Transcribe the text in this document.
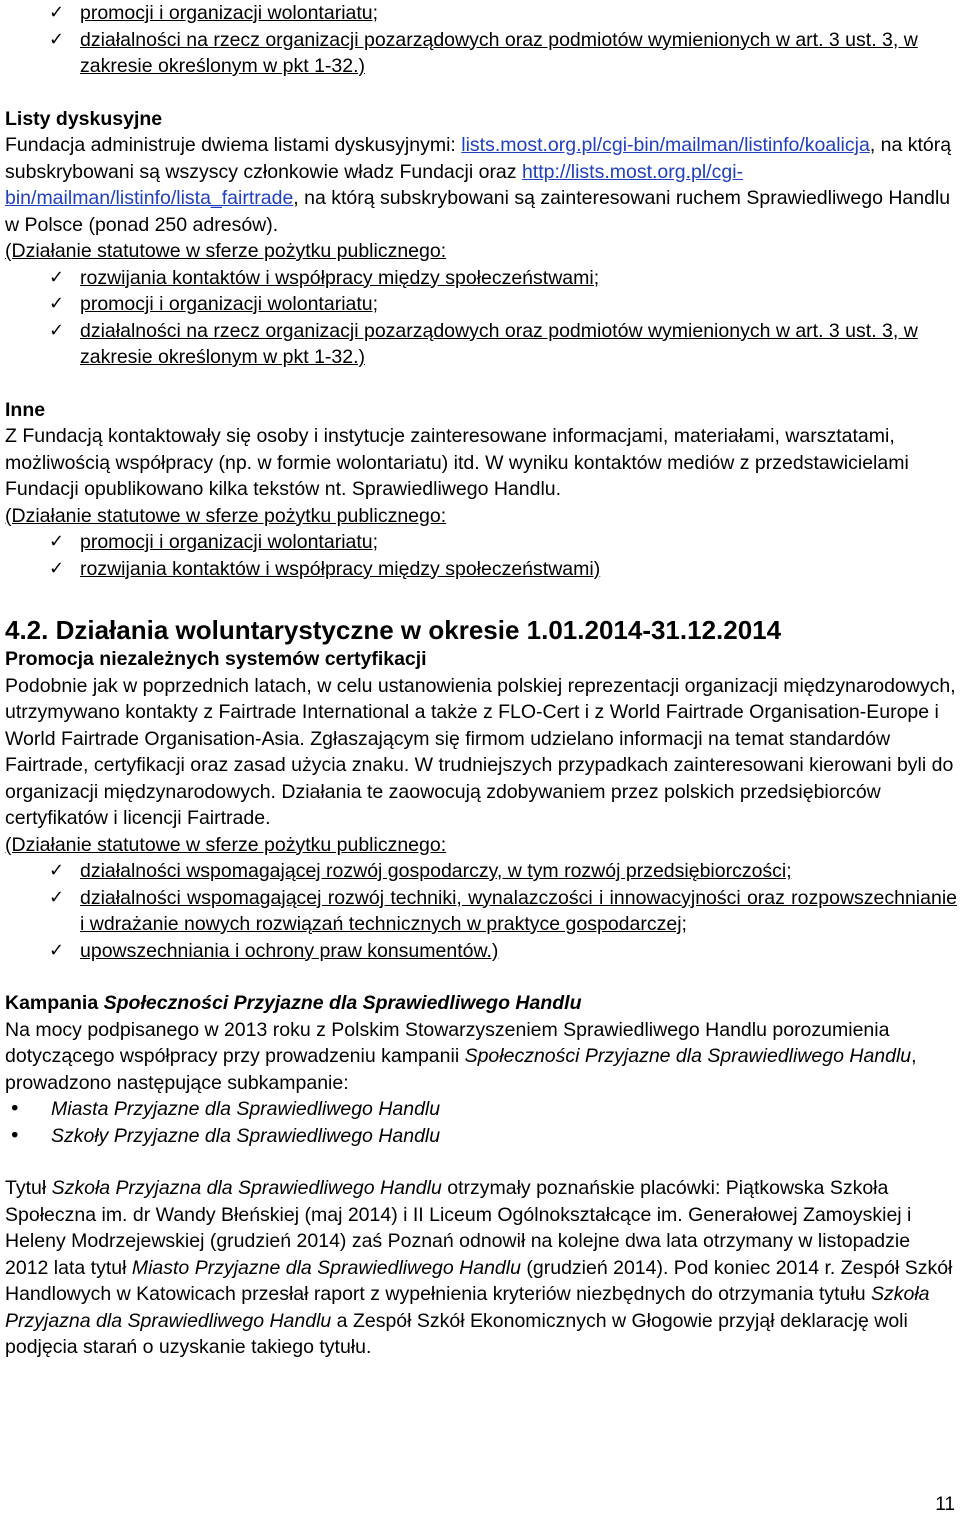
✓ promocji i organizacji wolontariatu;
✓ działalności na rzecz organizacji pozarządowych oraz podmiotów wymienionych w art. 3 ust. 3, w zakresie określonym w pkt 1-32.)
Listy dyskusyjne

Fundacja administruje dwiema listami dyskusyjnymi: lists.most.org.pl/cgi-bin/mailman/listinfo/koalicja, na którą subskrybowani są wszyscy członkowie władz Fundacji oraz http://lists.most.org.pl/cgi-bin/mailman/listinfo/lista_fairtrade, na którą subskrybowani są zainteresowani ruchem Sprawiedliwego Handlu w Polsce (ponad 250 adresów).

(Działanie statutowe w sferze pożytku publicznego:

✓ rozwijania kontaktów i współpracy między społeczeństwami;
✓ promocji i organizacji wolontariatu;
✓ działalności na rzecz organizacji pozarządowych oraz podmiotów wymienionych w art. 3 ust. 3, w zakresie określonym w pkt 1-32.)
Inne

Z Fundacją kontaktowały się osoby i instytucje zainteresowane informacjami, materiałami, warsztatami, możliwością współpracy (np. w formie wolontariatu) itd. W wyniku kontaktów mediów z przedstawicielami Fundacji opublikowano kilka tekstów nt. Sprawiedliwego Handlu.

(Działanie statutowe w sferze pożytku publicznego:

✓ promocji i organizacji wolontariatu;
✓ rozwijania kontaktów i współpracy między społeczeństwami)
4.2. Działania woluntarystyczne w okresie 1.01.2014-31.12.2014
Promocja niezależnych systemów certyfikacji

Podobnie jak w poprzednich latach, w celu ustanowienia polskiej reprezentacji organizacji międzynarodowych, utrzymywano kontakty z Fairtrade International a także z FLO-Cert i z World Fairtrade Organisation-Europe i World Fairtrade Organisation-Asia. Zgłaszającym się firmom udzielano informacji na temat standardów Fairtrade, certyfikacji oraz zasad użycia znaku. W trudniejszych przypadkach zainteresowani kierowani byli do organizacji międzynarodowych. Działania te zaowocują zdobywaniem przez polskich przedsiębiorców certyfikatów i licencji Fairtrade.

(Działanie statutowe w sferze pożytku publicznego:

✓ działalności wspomagającej rozwój gospodarczy, w tym rozwój przedsiębiorczości;
✓ działalności wspomagającej rozwój techniki, wynalazczości i innowacyjności oraz rozpowszechnianie i wdrażanie nowych rozwiązań technicznych w praktyce gospodarczej;
✓ upowszechniania i ochrony praw konsumentów.)
Kampania Społeczności Przyjazne dla Sprawiedliwego Handlu

Na mocy podpisanego w 2013 roku z Polskim Stowarzyszeniem Sprawiedliwego Handlu porozumienia dotyczącego współpracy przy prowadzeniu kampanii Społeczności Przyjazne dla Sprawiedliwego Handlu, prowadzono następujące subkampanie:

• Miasta Przyjazne dla Sprawiedliwego Handlu
• Szkoły Przyjazne dla Sprawiedliwego Handlu

Tytuł Szkoła Przyjazna dla Sprawiedliwego Handlu otrzymały poznańskie placówki: Piątkowska Szkoła Społeczna im. dr Wandy Błeńskiej (maj 2014) i II Liceum Ogólnokształcące im. Generałowej Zamoyskiej i Heleny Modrzejewskiej (grudzień 2014) zaś Poznań odnowił na kolejne dwa lata otrzymany w listopadzie 2012 lata tytuł Miasto Przyjazne dla Sprawiedliwego Handlu (grudzień 2014). Pod koniec 2014 r. Zespół Szkół Handlowych w Katowicach przesłał raport z wypełnienia kryteriów niezbędnych do otrzymania tytułu Szkoła Przyjazna dla Sprawiedliwego Handlu a Zespół Szkół Ekonomicznych w Głogowie przyjął deklarację woli podjęcia starań o uzyskanie takiego tytułu.

11
